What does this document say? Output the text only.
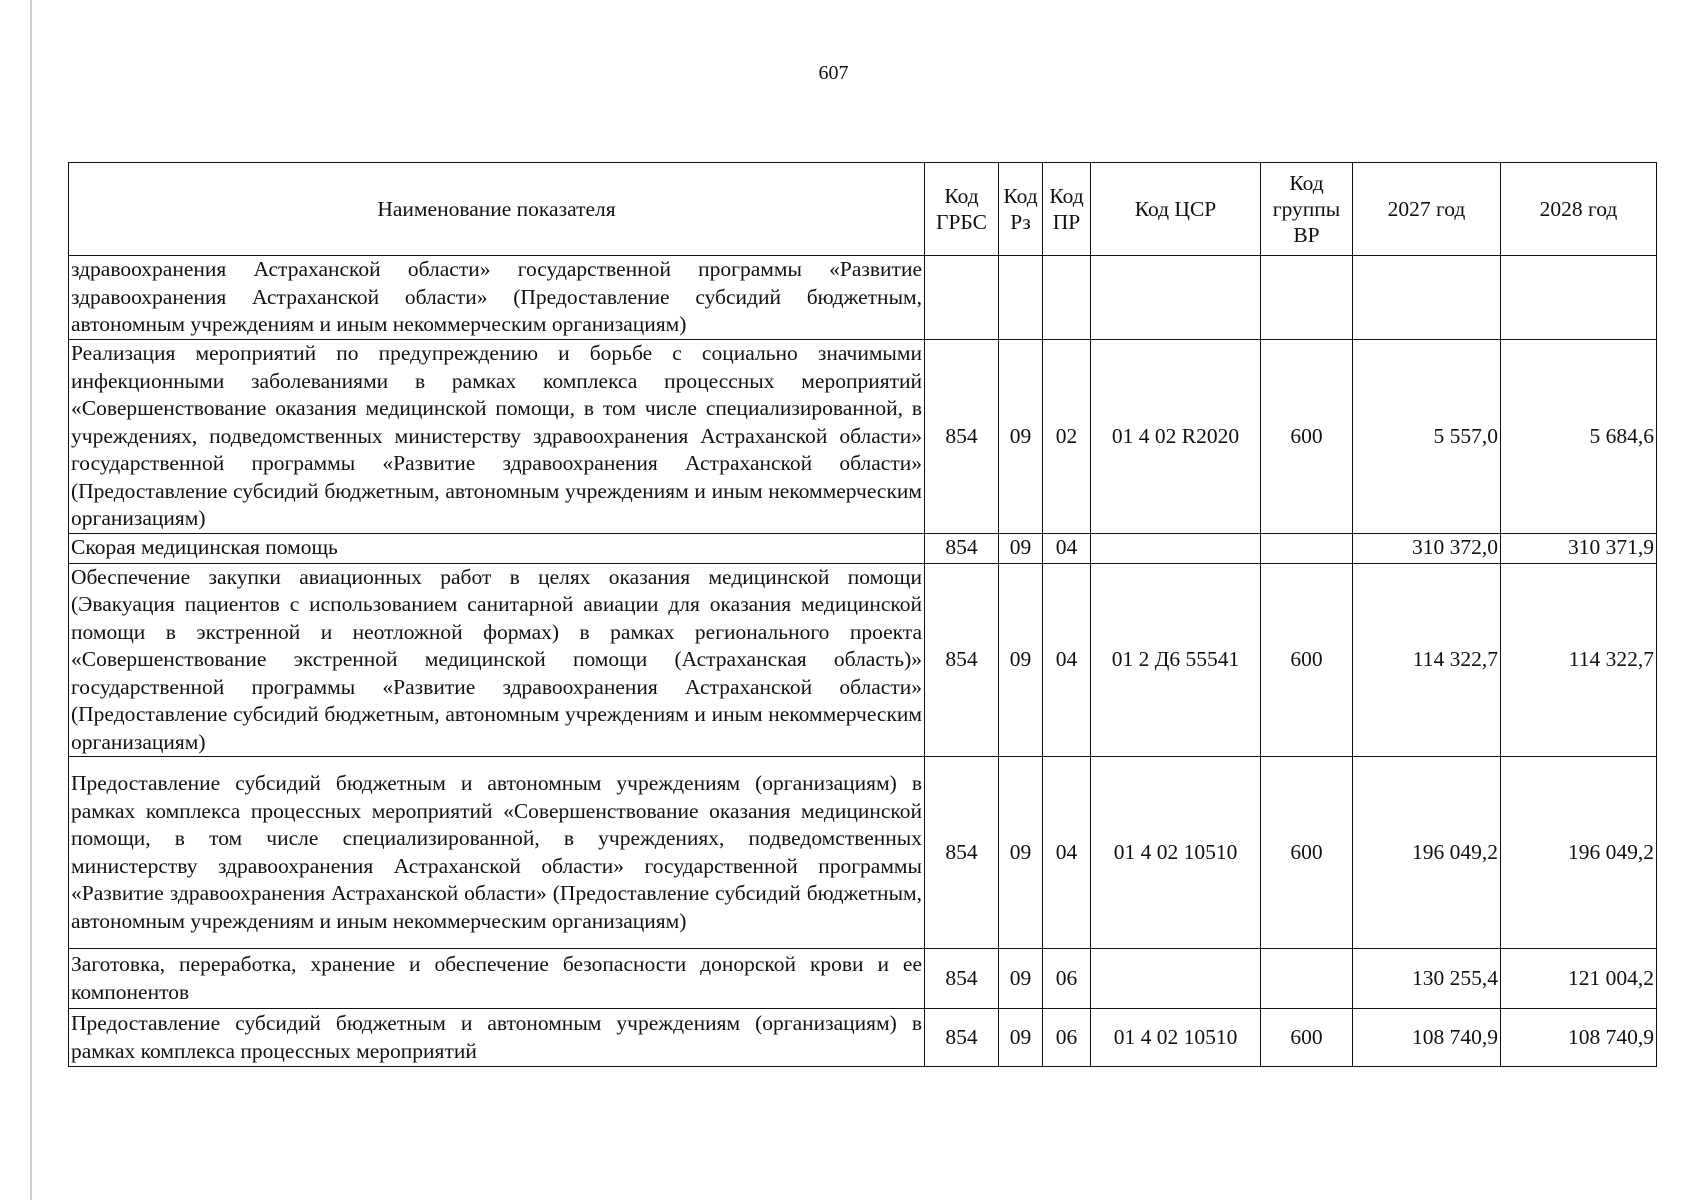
607
Наименование показателя	Код ГРБС	Код Рз	Код ПР	Код ЦСР	Код группы ВР	2027 год	2028 год
здравоохранения Астраханской области» государственной программы «Развитие здравоохранения Астраханской области» (Предоставление субсидий бюджетным, автономным учреждениям и иным некоммерческим организациям)							
Реализация мероприятий по предупреждению и борьбе с социально значимыми инфекционными заболеваниями в рамках комплекса процессных мероприятий «Совершенствование оказания медицинской помощи, в том числе специализированной, в учреждениях, подведомственных министерству здравоохранения Астраханской области» государственной программы «Развитие здравоохранения Астраханской области» (Предоставление субсидий бюджетным, автономным учреждениям и иным некоммерческим организациям)	854	09	02	01 4 02 R2020	600	5 557,0	5 684,6
Скорая медицинская помощь	854	09	04			310 372,0	310 371,9
Обеспечение закупки авиационных работ в целях оказания медицинской помощи (Эвакуация пациентов с использованием санитарной авиации для оказания медицинской помощи в экстренной и неотложной формах) в рамках регионального проекта «Совершенствование экстренной медицинской помощи (Астраханская область)» государственной программы «Развитие здравоохранения Астраханской области» (Предоставление субсидий бюджетным, автономным учреждениям и иным некоммерческим организациям)	854	09	04	01 2 Д6 55541	600	114 322,7	114 322,7
Предоставление субсидий бюджетным и автономным учреждениям (организациям) в рамках комплекса процессных мероприятий «Совершенствование оказания медицинской помощи, в том числе специализированной, в учреждениях, подведомственных министерству здравоохранения Астраханской области» государственной программы «Развитие здравоохранения Астраханской области» (Предоставление субсидий бюджетным, автономным учреждениям и иным некоммерческим организациям)	854	09	04	01 4 02 10510	600	196 049,2	196 049,2
Заготовка, переработка, хранение и обеспечение безопасности донорской крови и ее компонентов	854	09	06			130 255,4	121 004,2
Предоставление субсидий бюджетным и автономным учреждениям (организациям) в рамках комплекса процессных мероприятий	854	09	06	01 4 02 10510	600	108 740,9	108 740,9
